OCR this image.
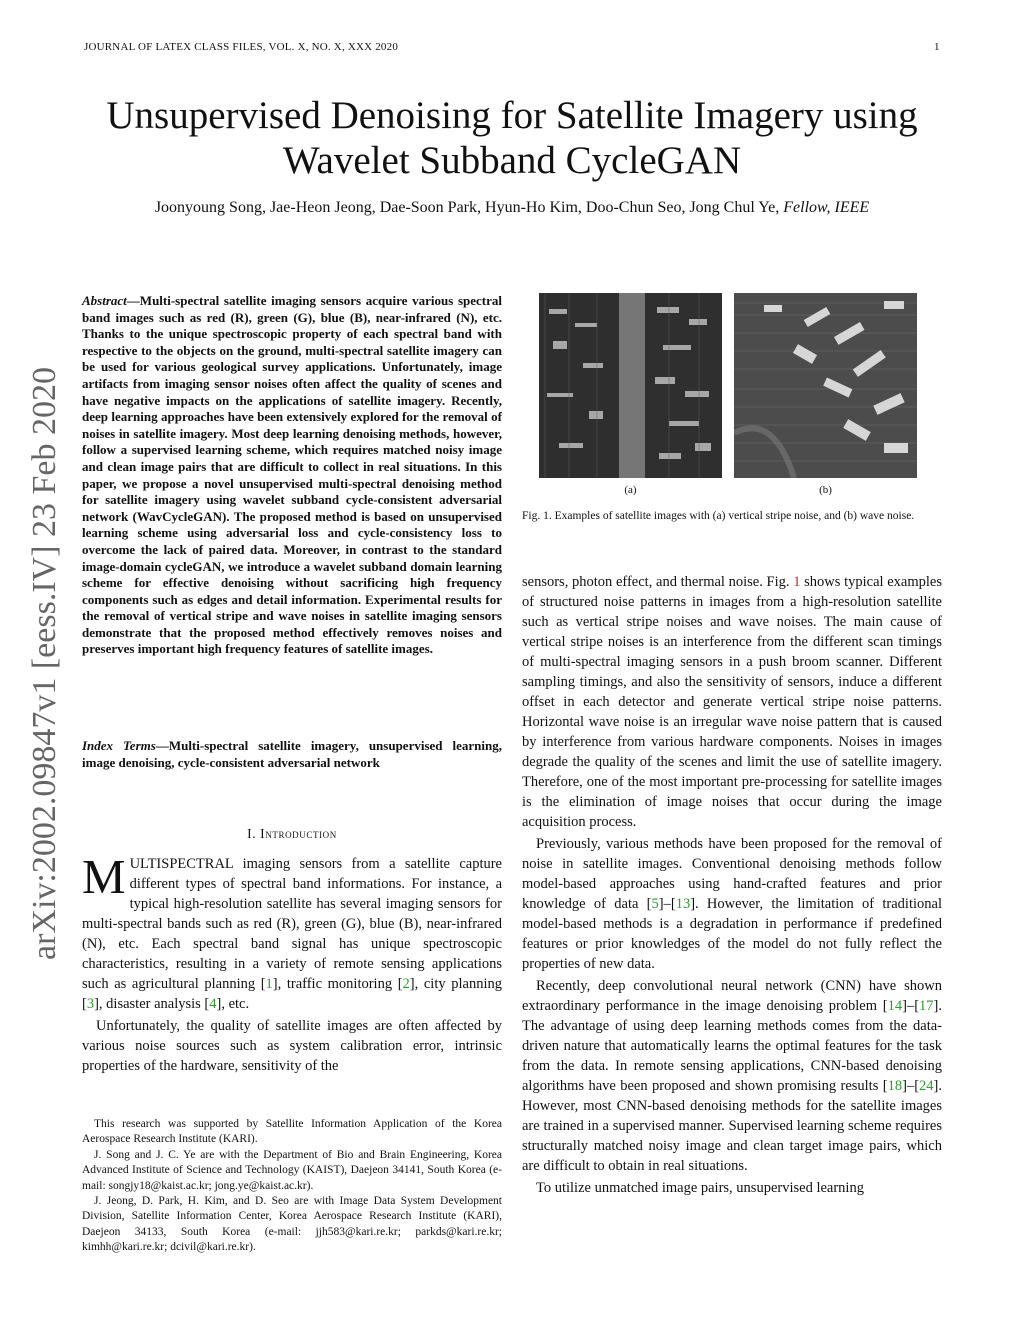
JOURNAL OF LATEX CLASS FILES, VOL. X, NO. X, XXX 2020	1
Unsupervised Denoising for Satellite Imagery using Wavelet Subband CycleGAN
Joonyoung Song, Jae-Heon Jeong, Dae-Soon Park, Hyun-Ho Kim, Doo-Chun Seo, Jong Chul Ye, Fellow, IEEE
arXiv:2002.09847v1 [eess.IV] 23 Feb 2020
Abstract—Multi-spectral satellite imaging sensors acquire various spectral band images such as red (R), green (G), blue (B), near-infrared (N), etc. Thanks to the unique spectroscopic property of each spectral band with respective to the objects on the ground, multi-spectral satellite imagery can be used for various geological survey applications. Unfortunately, image artifacts from imaging sensor noises often affect the quality of scenes and have negative impacts on the applications of satellite imagery. Recently, deep learning approaches have been extensively explored for the removal of noises in satellite imagery. Most deep learning denoising methods, however, follow a supervised learning scheme, which requires matched noisy image and clean image pairs that are difficult to collect in real situations. In this paper, we propose a novel unsupervised multi-spectral denoising method for satellite imagery using wavelet subband cycle-consistent adversarial network (WavCycleGAN). The proposed method is based on unsupervised learning scheme using adversarial loss and cycle-consistency loss to overcome the lack of paired data. Moreover, in contrast to the standard image-domain cycleGAN, we introduce a wavelet subband domain learning scheme for effective denoising without sacrificing high frequency components such as edges and detail information. Experimental results for the removal of vertical stripe and wave noises in satellite imaging sensors demonstrate that the proposed method effectively removes noises and preserves important high frequency features of satellite images.
Index Terms—Multi-spectral satellite imagery, unsupervised learning, image denoising, cycle-consistent adversarial network
I. Introduction

MULTISPECTRAL imaging sensors from a satellite capture different types of spectral band informations. For instance, a typical high-resolution satellite has several imaging sensors for multi-spectral bands such as red (R), green (G), blue (B), near-infrared (N), etc. Each spectral band signal has unique spectroscopic characteristics, resulting in a variety of remote sensing applications such as agricultural planning [1], traffic monitoring [2], city planning [3], disaster analysis [4], etc.

Unfortunately, the quality of satellite images are often affected by various noise sources such as system calibration error, intrinsic properties of the hardware, sensitivity of the

This research was supported by Satellite Information Application of the Korea Aerospace Research Institute (KARI).

J. Song and J. C. Ye are with the Department of Bio and Brain Engineering, Korea Advanced Institute of Science and Technology (KAIST), Daejeon 34141, South Korea (e-mail: songjy18@kaist.ac.kr; jong.ye@kaist.ac.kr).

J. Jeong, D. Park, H. Kim, and D. Seo are with Image Data System Development Division, Satellite Information Center, Korea Aerospace Research Institute (KARI), Daejeon 34133, South Korea (e-mail: jjh583@kari.re.kr; parkds@kari.re.kr; kimhh@kari.re.kr; dcivil@kari.re.kr).

(a)	(b)
Fig. 1. Examples of satellite images with (a) vertical stripe noise, and (b) wave noise.

sensors, photon effect, and thermal noise. Fig. 1 shows typical examples of structured noise patterns in images from a high-resolution satellite such as vertical stripe noises and wave noises. The main cause of vertical stripe noises is an interference from the different scan timings of multi-spectral imaging sensors in a push broom scanner. Different sampling timings, and also the sensitivity of sensors, induce a different offset in each detector and generate vertical stripe noise patterns. Horizontal wave noise is an irregular wave noise pattern that is caused by interference from various hardware components. Noises in images degrade the quality of the scenes and limit the use of satellite imagery. Therefore, one of the most important pre-processing for satellite images is the elimination of image noises that occur during the image acquisition process.

Previously, various methods have been proposed for the removal of noise in satellite images. Conventional denoising methods follow model-based approaches using hand-crafted features and prior knowledge of data [5]–[13]. However, the limitation of traditional model-based methods is a degradation in performance if predefined features or prior knowledges of the model do not fully reflect the properties of new data.

Recently, deep convolutional neural network (CNN) have shown extraordinary performance in the image denoising problem [14]–[17]. The advantage of using deep learning methods comes from the data-driven nature that automatically learns the optimal features for the task from the data. In remote sensing applications, CNN-based denoising algorithms have been proposed and shown promising results [18]–[24]. However, most CNN-based denoising methods for the satellite images are trained in a supervised manner. Supervised learning scheme requires structurally matched noisy image and clean target image pairs, which are difficult to obtain in real situations.

To utilize unmatched image pairs, unsupervised learning
